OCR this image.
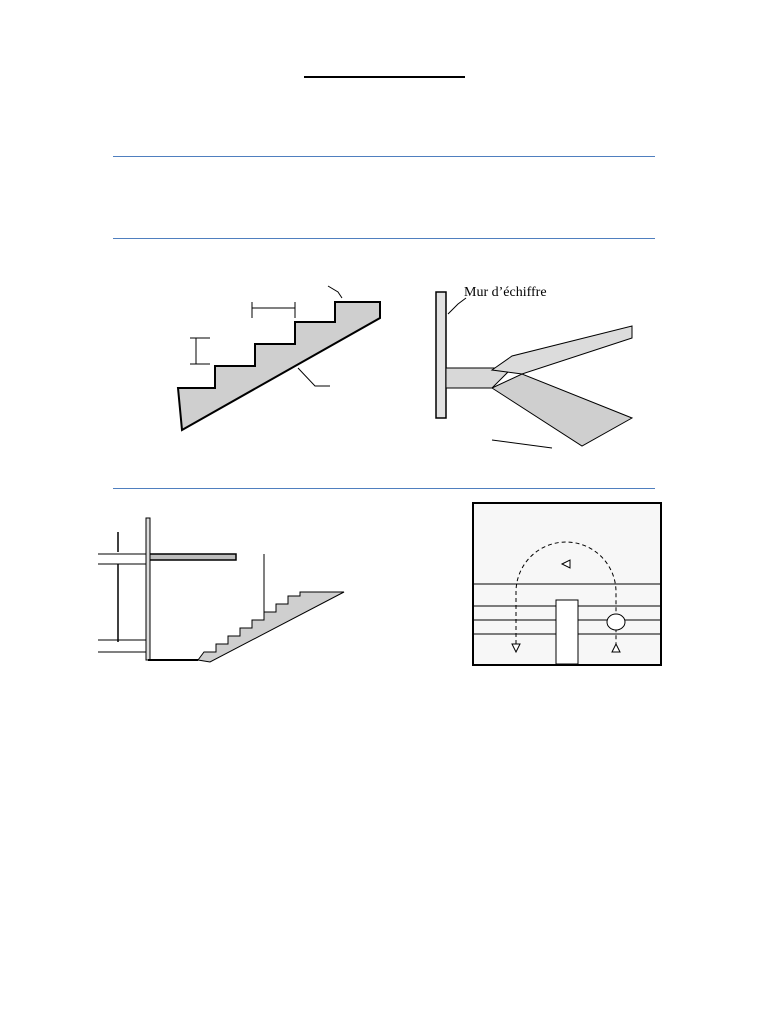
Mur d’échiffre
